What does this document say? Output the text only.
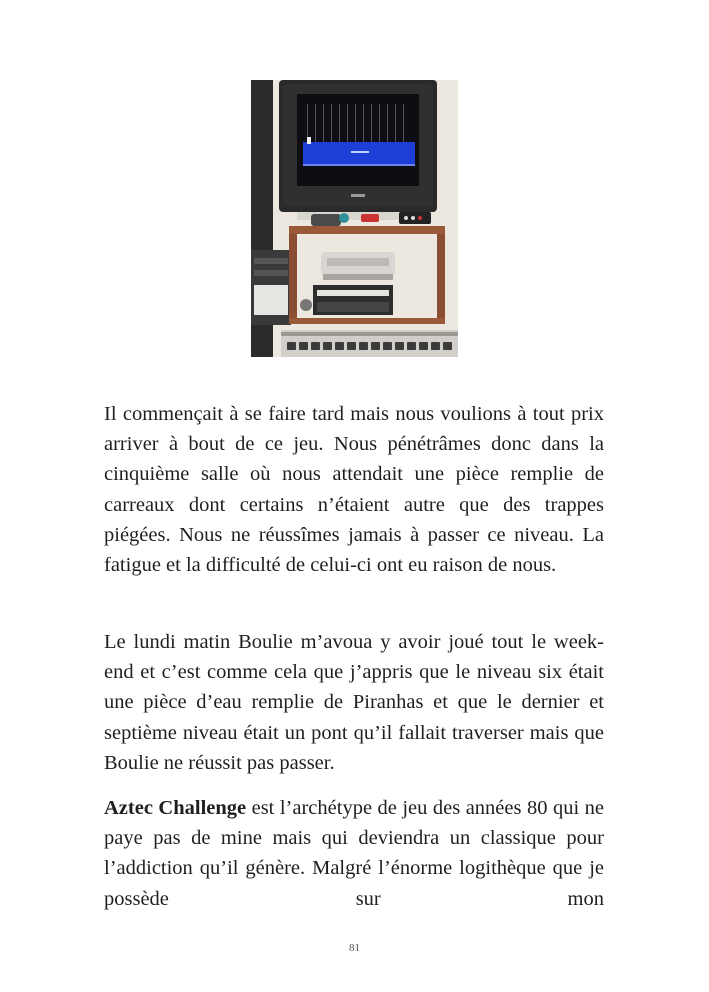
Il commençait à se faire tard mais nous voulions à tout prix arriver à bout de ce jeu. Nous pénétrâmes donc dans la cinquième salle où nous attendait une pièce remplie de carreaux dont certains n’étaient autre que des trappes piégées. Nous ne réussîmes jamais à passer ce niveau. La fatigue et la difficulté de celui-ci ont eu raison de nous.

Le lundi matin Boulie m’avoua y avoir joué tout le week-end et c’est comme cela que j’appris que le niveau six était une pièce d’eau remplie de Piranhas et que le dernier et septième niveau était un pont qu’il fallait traverser mais que Boulie ne réussit pas passer.

Aztec Challenge est l’archétype de jeu des années 80 qui ne paye pas de mine mais qui deviendra un classique pour l’addiction qu’il génère. Malgré l’énorme logithèque que je possède sur mon

81
